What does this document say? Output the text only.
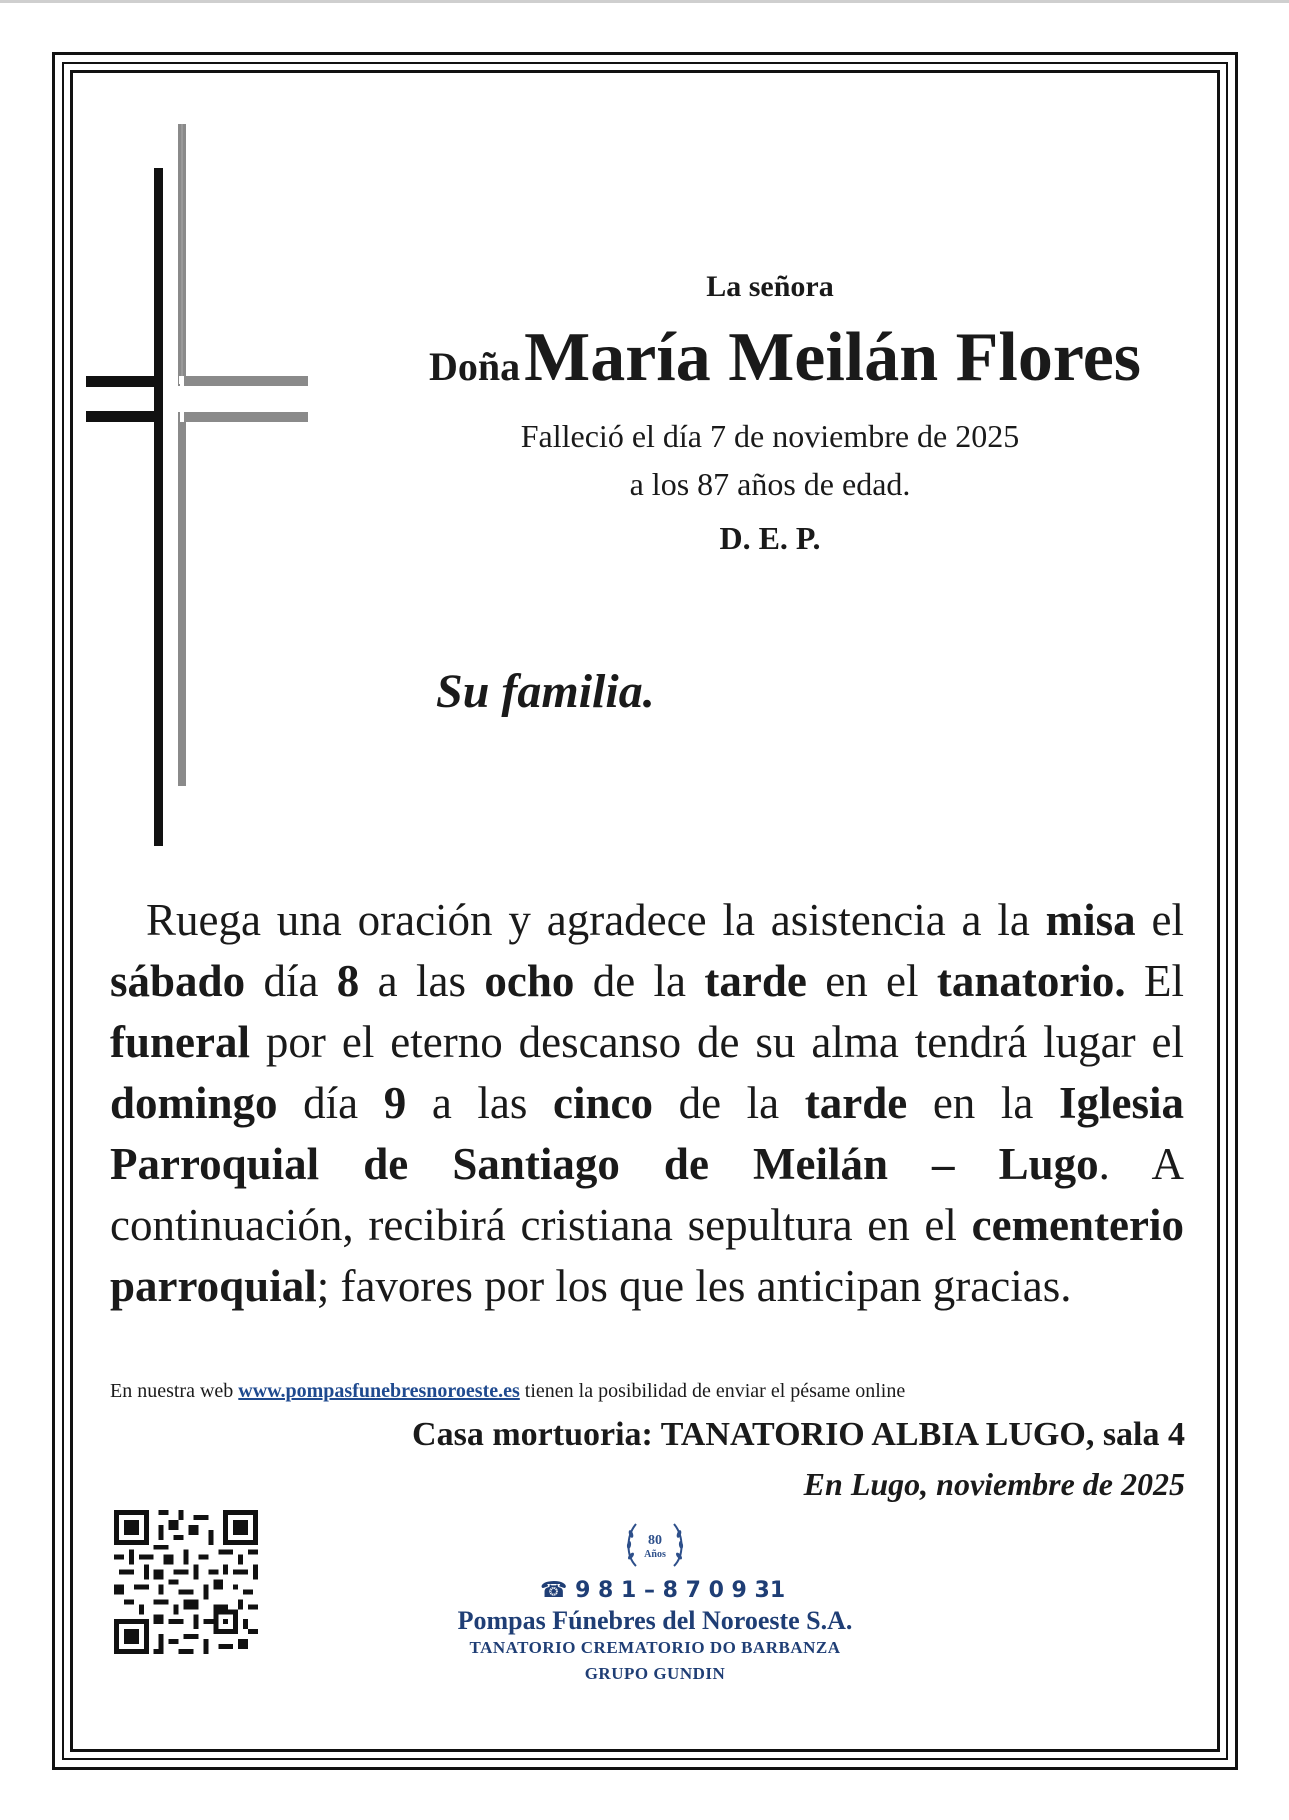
La señora
Doña María Meilán Flores
Falleció el día 7 de noviembre de 2025
a los 87 años de edad.
D. E. P.
Su familia.
Ruega una oración y agradece la asistencia a la misa el sábado día 8 a las ocho de la tarde en el tanatorio. El funeral por el eterno descanso de su alma tendrá lugar el domingo día 9 a las cinco de la tarde en la Iglesia Parroquial de Santiago de Meilán – Lugo. A continuación, recibirá cristiana sepultura en el cementerio parroquial; favores por los que les anticipan gracias.
En nuestra web www.pompasfunebresnoroeste.es tienen la posibilidad de enviar el pésame online
Casa mortuoria: TANATORIO ALBIA LUGO, sala 4
En Lugo, noviembre de 2025
80
Años
☎ 9 8 1 – 8 7 0 9 31
Pompas Fúnebres del Noroeste S.A.
TANATORIO CREMATORIO DO BARBANZA
GRUPO GUNDIN
